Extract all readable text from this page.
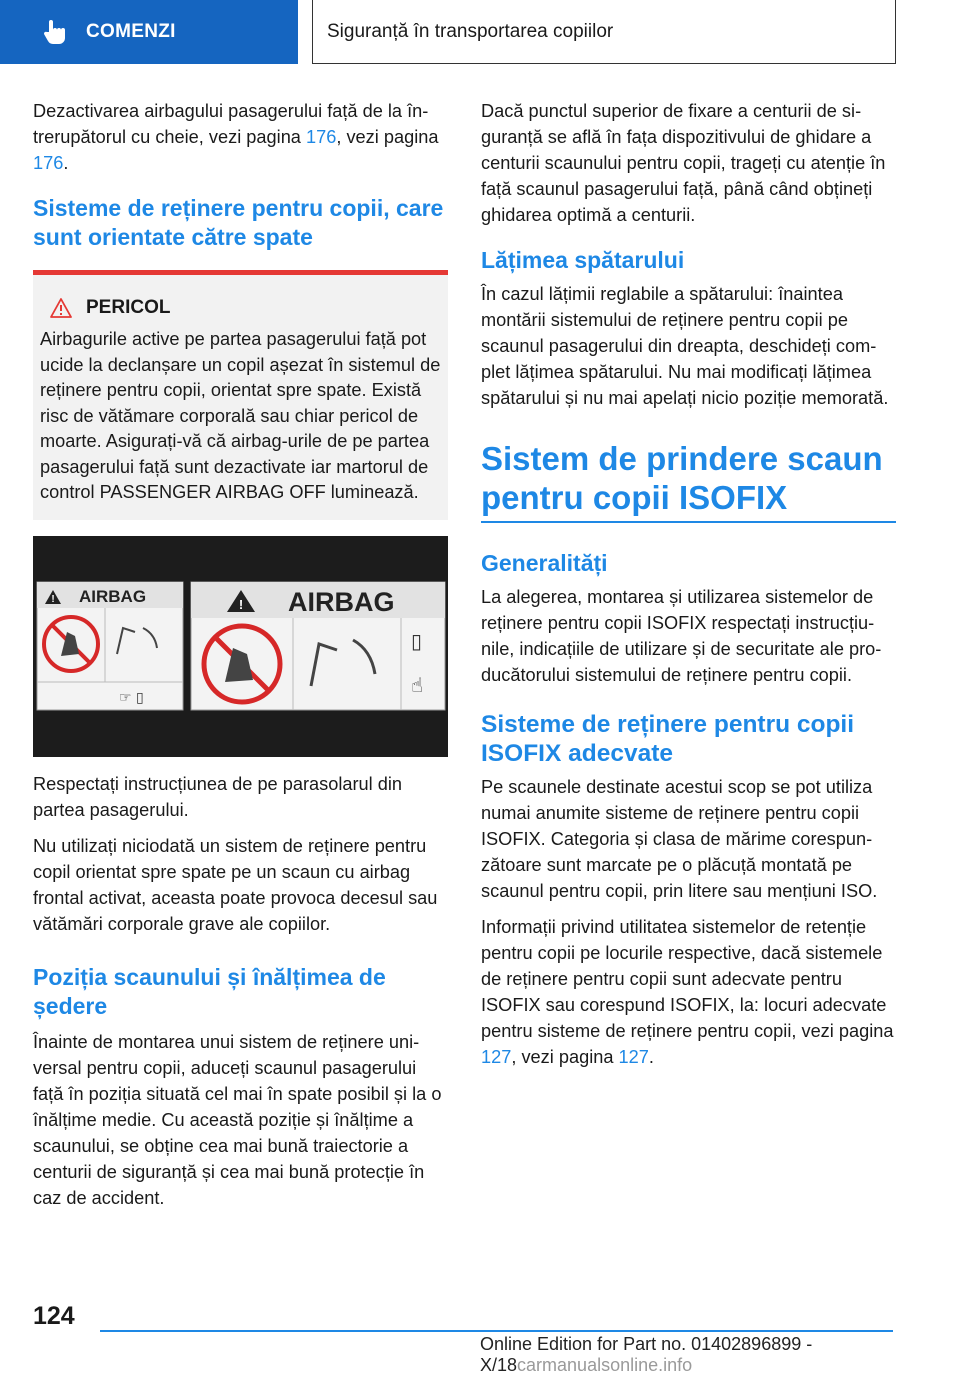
COMENZI	Siguranță în transportarea copiilor

Dezactivarea airbagului pasagerului față de la întrerupătorul cu cheie, vezi pagina 176, vezi pagina 176.

Sisteme de reținere pentru copii, care sunt orientate către spate
PERICOL

Airbagurile active pe partea pasagerului față pot ucide la declanșare un copil așezat în sistemul de reținere pentru copii, orientat spre spate. Există risc de vătămare corporală sau chiar pericol de moarte. Asigurați-vă că airbag-urile de pe partea pasagerului față sunt dezactivate iar martorul de control PASSENGER AIRBAG OFF luminează.

! AIRBAG
☞ ▯
! AIRBAG
▯
☝

Respectați instrucțiunea de pe parasolarul din partea pasagerului.

Nu utilizați niciodată un sistem de reținere pentru copil orientat spre spate pe un scaun cu airbag frontal activat, aceasta poate provoca decesul sau vătămări corporale grave ale copiilor.

Poziția scaunului și înălțimea de ședere

Înainte de montarea unui sistem de reținere universal pentru copii, aduceți scaunul pasagerului față în poziția situată cel mai în spate posibil și la o înălțime medie. Cu această poziție și înălțime a scaunului, se obține cea mai bună traiectorie a centurii de siguranță și cea mai bună protecție în caz de accident.

Dacă punctul superior de fixare a centurii de siguranță se află în fața dispozitivului de ghidare a centurii scaunului pentru copii, trageți cu atenție în față scaunul pasagerului față, până când obțineți ghidarea optimă a centurii.

Lățimea spătarului

În cazul lățimii reglabile a spătarului: înaintea montării sistemului de reținere pentru copii pe scaunul pasagerului din dreapta, deschideți complet lățimea spătarului. Nu mai modificați lățimea spătarului și nu mai apelați nicio poziție memorată.

Sistem de prindere scaun pentru copii ISOFIX
Generalități

La alegerea, montarea și utilizarea sistemelor de reținere pentru copii ISOFIX respectați instrucțiunile, indicațiile de utilizare și de securitate ale producătorului sistemului de reținere pentru copii.

Sisteme de reținere pentru copii ISOFIX adecvate

Pe scaunele destinate acestui scop se pot utiliza numai anumite sisteme de reținere pentru copii ISOFIX. Categoria și clasa de mărime corespunzătoare sunt marcate pe o plăcuță montată pe scaunul pentru copii, prin litere sau mențiuni ISO.

Informații privind utilitatea sistemelor de retenție pentru copii pe locurile respective, dacă sistemele de reținere pentru copii sunt adecvate pentru ISOFIX sau corespund ISOFIX, la: locuri adecvate pentru sisteme de reținere pentru copii, vezi pagina 127, vezi pagina 127.

124
Online Edition for Part no. 01402896899 - X/18carmanualsonline.info
